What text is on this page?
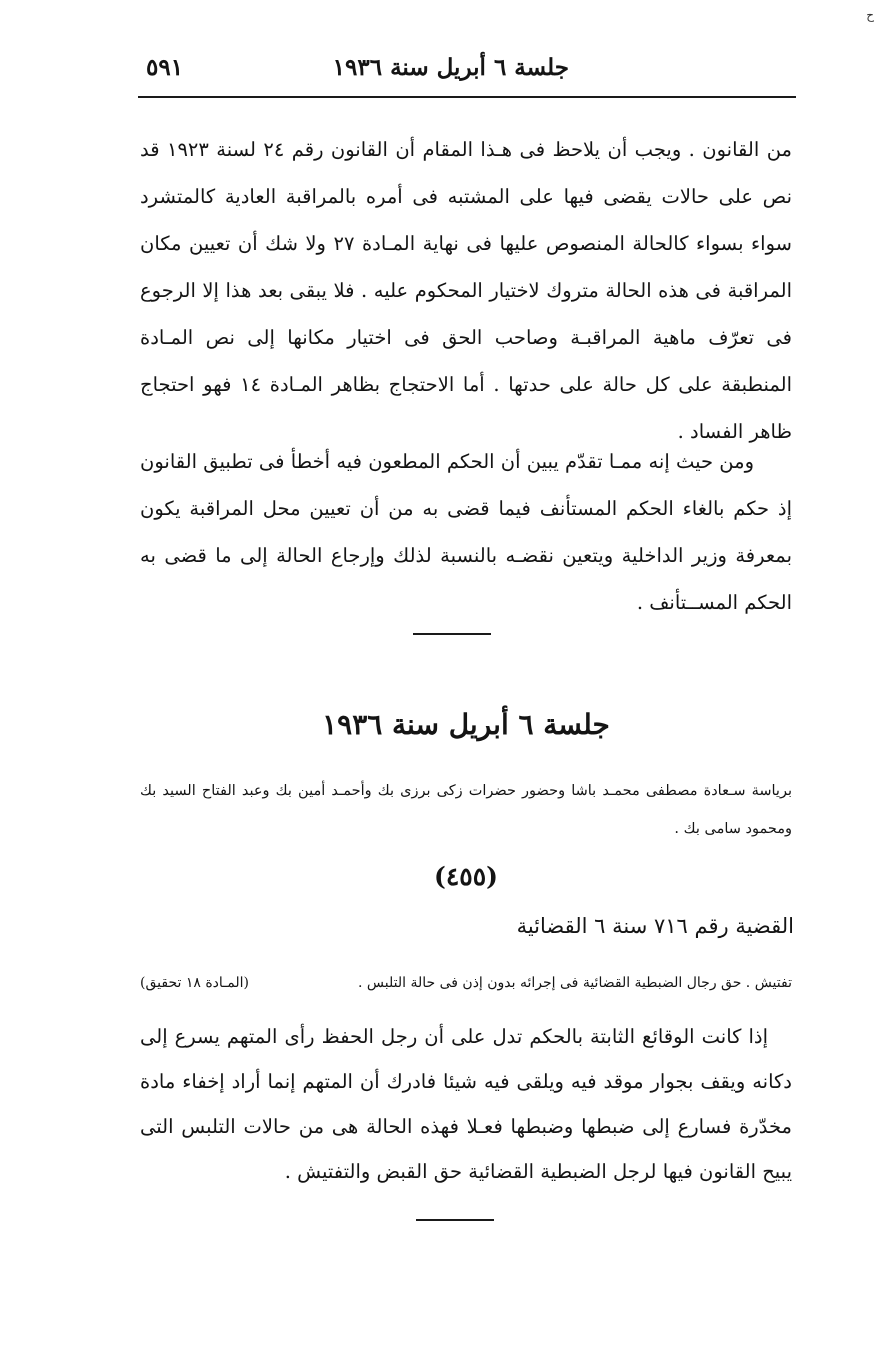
ح
جلسة ٦ أبريل سنة ١٩٣٦
٥٩١
من القانون . ويجب أن يلاحظ فى هـذا المقام أن القانون رقم ٢٤ لسنة ١٩٢٣ قد نص على حالات يقضى فيها على المشتبه فى أمره بالمراقبة العادية كالمتشرد سواء بسواء كالحالة المنصوص عليها فى نهاية المـادة ٢٧ ولا شك أن تعيين مكان المراقبة فى هذه الحالة متروك لاختيار المحكوم عليه . فلا يبقى بعد هذا إلا الرجوع فى تعرّف ماهية المراقبـة وصاحب الحق فى اختيار مكانها إلى نص المـادة المنطبقة على كل حالة على حدتها . أما الاحتجاج بظاهر المـادة ١٤ فهو احتجاج ظاهر الفساد .
ومن حيث إنه ممـا تقدّم يبين أن الحكم المطعون فيه أخطأ فى تطبيق القانون إذ حكم بالغاء الحكم المستأنف فيما قضى به من أن تعيين محل المراقبة يكون بمعرفة وزير الداخلية ويتعين نقضـه بالنسبة لذلك وإرجاع الحالة إلى ما قضى به الحكم المســتأنف .
جلسة ٦ أبريل سنة ١٩٣٦
برياسة سـعادة مصطفى محمـد باشا وحضور حضرات زكى برزى بك وأحمـد أمين بك وعبد الفتاح السيد بك ومحمود سامى بك .
(٤٥٥)
القضية رقم ٧١٦ سنة ٦ القضائية
تفتيش . حق رجال الضبطية القضائية فى إجرائه بدون إذن فى حالة التلبس .
(المـادة ١٨ تحقيق)
إذا كانت الوقائع الثابتة بالحكم تدل على أن رجل الحفظ رأى المتهم يسرع إلى دكانه ويقف بجوار موقد فيه ويلقى فيه شيئا فادرك أن المتهم إنما أراد إخفاء مادة مخدّرة فسارع إلى ضبطها وضبطها فعـلا فهذه الحالة هى من حالات التلبس التى يبيح القانون فيها لرجل الضبطية القضائية حق القبض والتفتيش .
